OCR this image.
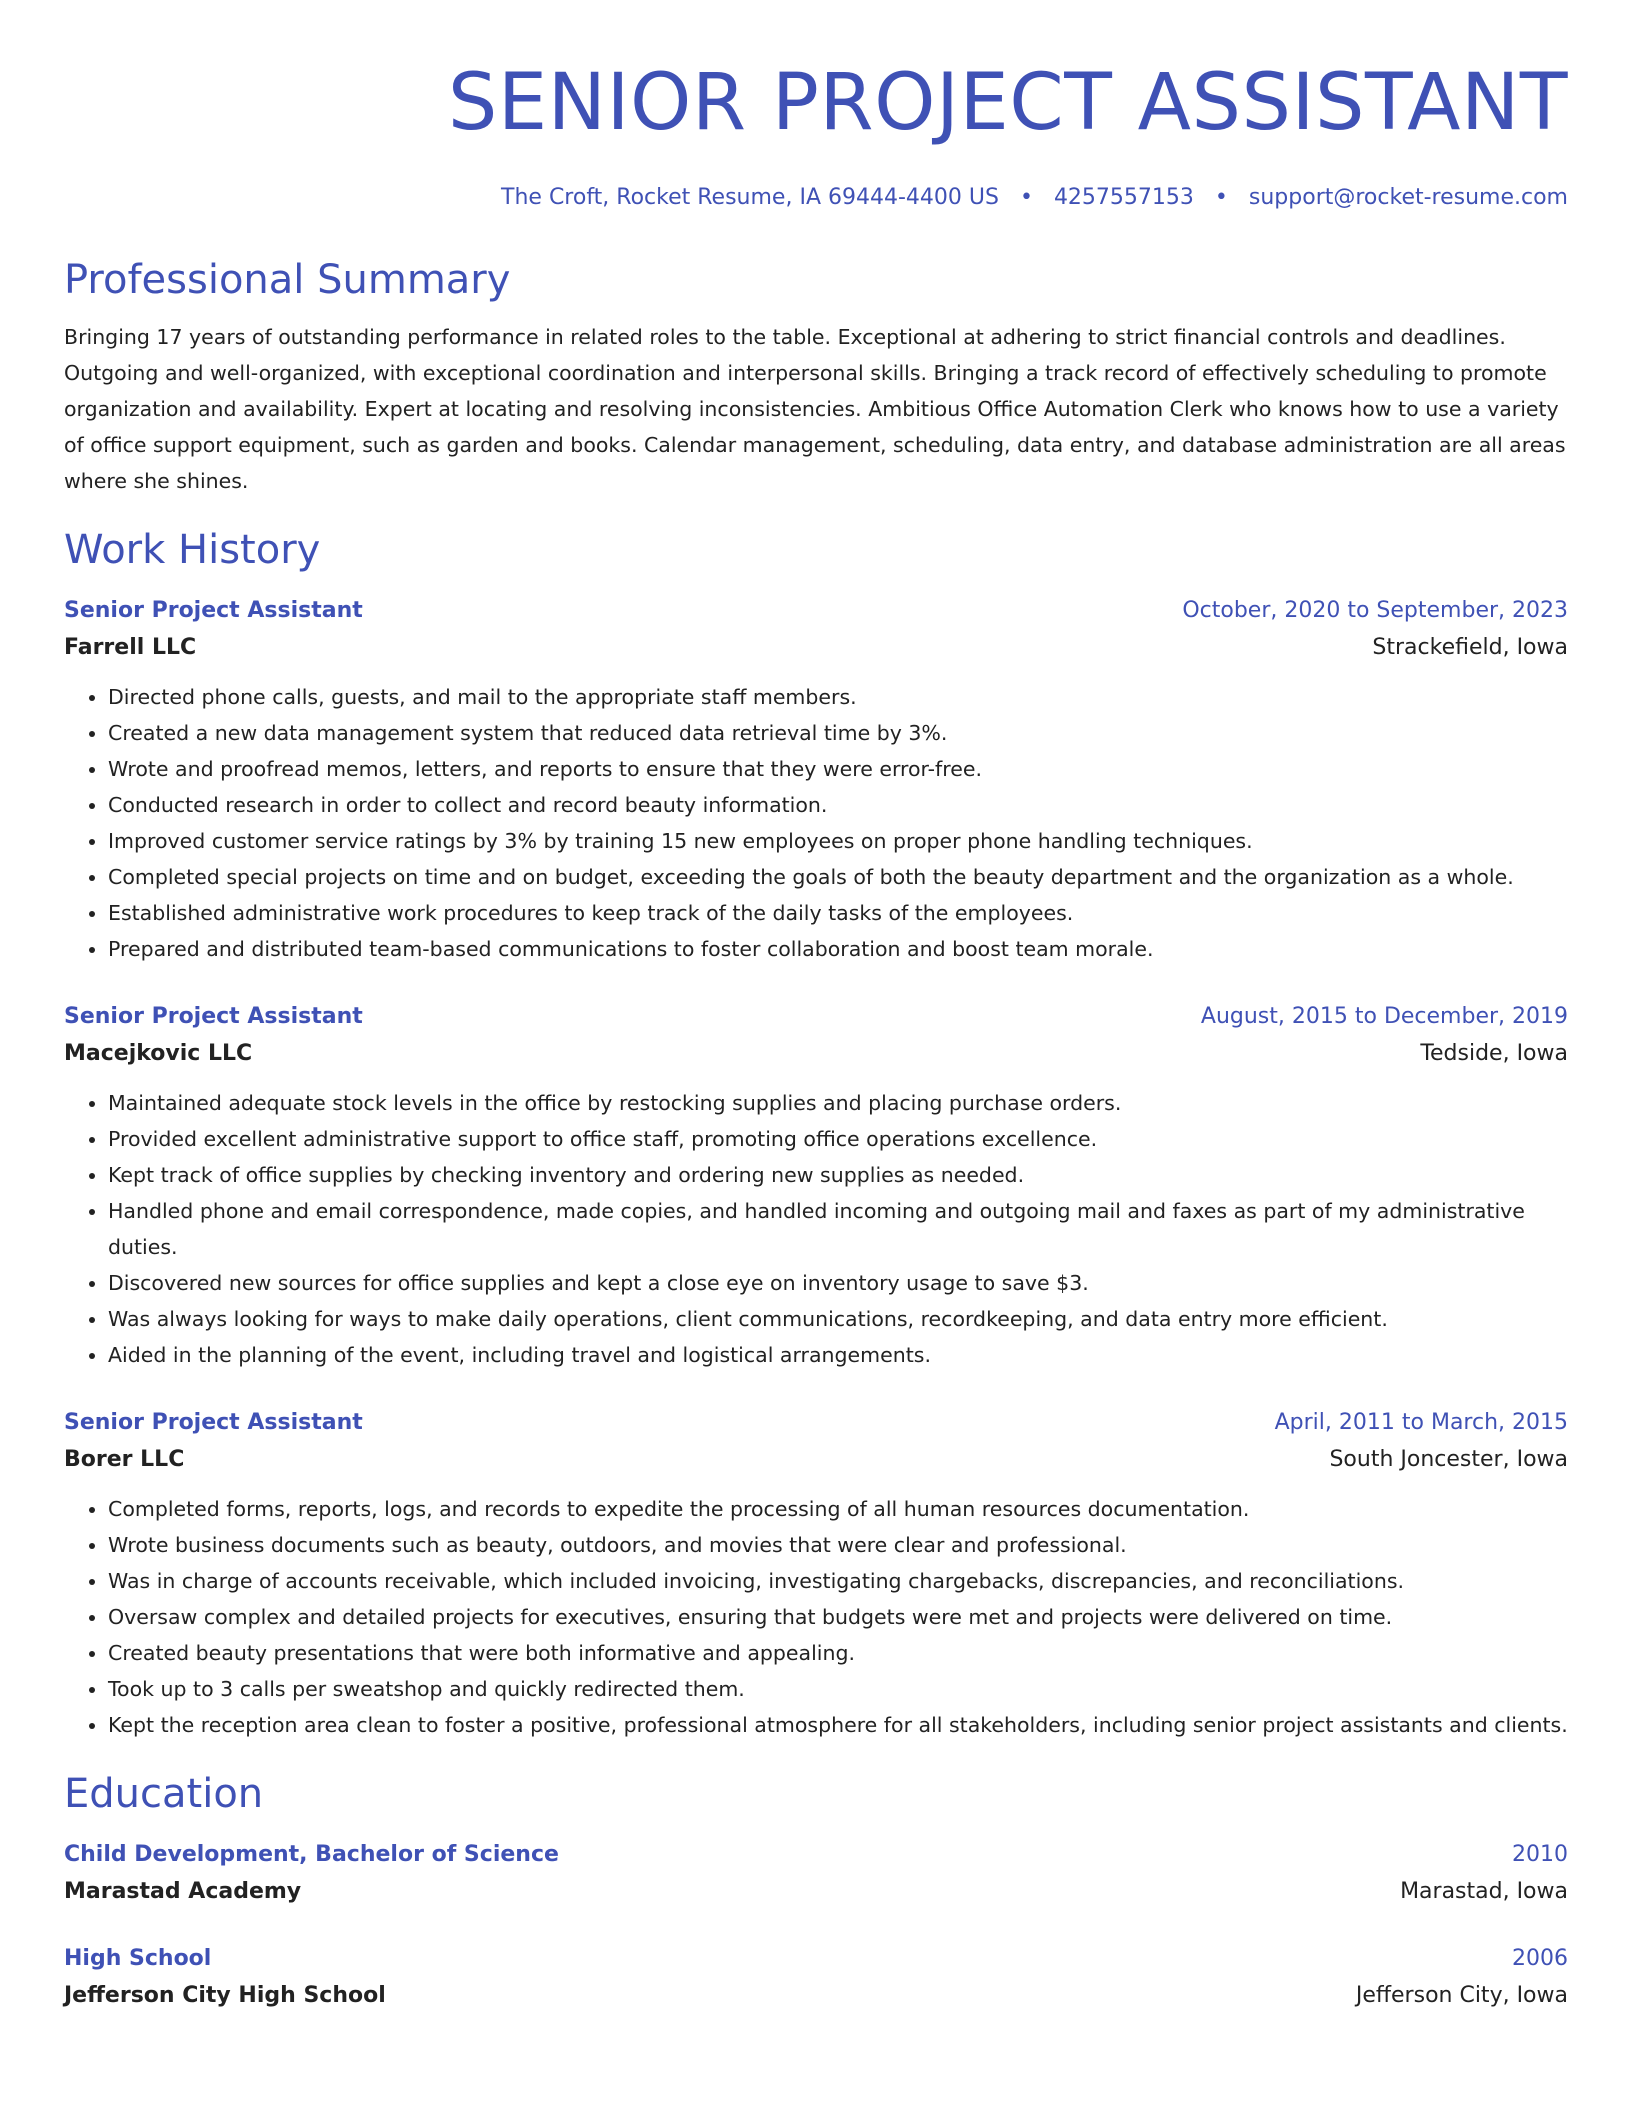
SENIOR PROJECT ASSISTANT
The Croft, Rocket Resume, IA 69444-4400 US • 4257557153 • support@rocket-resume.com
Professional Summary

Bringing 17 years of outstanding performance in related roles to the table. Exceptional at adhering to strict financial controls and deadlines. Outgoing and well-organized, with exceptional coordination and interpersonal skills. Bringing a track record of effectively scheduling to promote organization and availability. Expert at locating and resolving inconsistencies. Ambitious Office Automation Clerk who knows how to use a variety of office support equipment, such as garden and books. Calendar management, scheduling, data entry, and database administration are all areas where she shines.

Work History
Senior Project Assistant	October, 2020 to September, 2023
Farrell LLC	Strackefield, Iowa
• Directed phone calls, guests, and mail to the appropriate staff members.
• Created a new data management system that reduced data retrieval time by 3%.
• Wrote and proofread memos, letters, and reports to ensure that they were error-free.
• Conducted research in order to collect and record beauty information.
• Improved customer service ratings by 3% by training 15 new employees on proper phone handling techniques.
• Completed special projects on time and on budget, exceeding the goals of both the beauty department and the organization as a whole.
• Established administrative work procedures to keep track of the daily tasks of the employees.
• Prepared and distributed team-based communications to foster collaboration and boost team morale.
Senior Project Assistant	August, 2015 to December, 2019
Macejkovic LLC	Tedside, Iowa
• Maintained adequate stock levels in the office by restocking supplies and placing purchase orders.
• Provided excellent administrative support to office staff, promoting office operations excellence.
• Kept track of office supplies by checking inventory and ordering new supplies as needed.
• Handled phone and email correspondence, made copies, and handled incoming and outgoing mail and faxes as part of my administrative duties.
• Discovered new sources for office supplies and kept a close eye on inventory usage to save $3.
• Was always looking for ways to make daily operations, client communications, recordkeeping, and data entry more efficient.
• Aided in the planning of the event, including travel and logistical arrangements.
Senior Project Assistant	April, 2011 to March, 2015
Borer LLC	South Joncester, Iowa
• Completed forms, reports, logs, and records to expedite the processing of all human resources documentation.
• Wrote business documents such as beauty, outdoors, and movies that were clear and professional.
• Was in charge of accounts receivable, which included invoicing, investigating chargebacks, discrepancies, and reconciliations.
• Oversaw complex and detailed projects for executives, ensuring that budgets were met and projects were delivered on time.
• Created beauty presentations that were both informative and appealing.
• Took up to 3 calls per sweatshop and quickly redirected them.
• Kept the reception area clean to foster a positive, professional atmosphere for all stakeholders, including senior project assistants and clients.
Education
Child Development, Bachelor of Science	2010
Marastad Academy	Marastad, Iowa
High School	2006
Jefferson City High School	Jefferson City, Iowa
